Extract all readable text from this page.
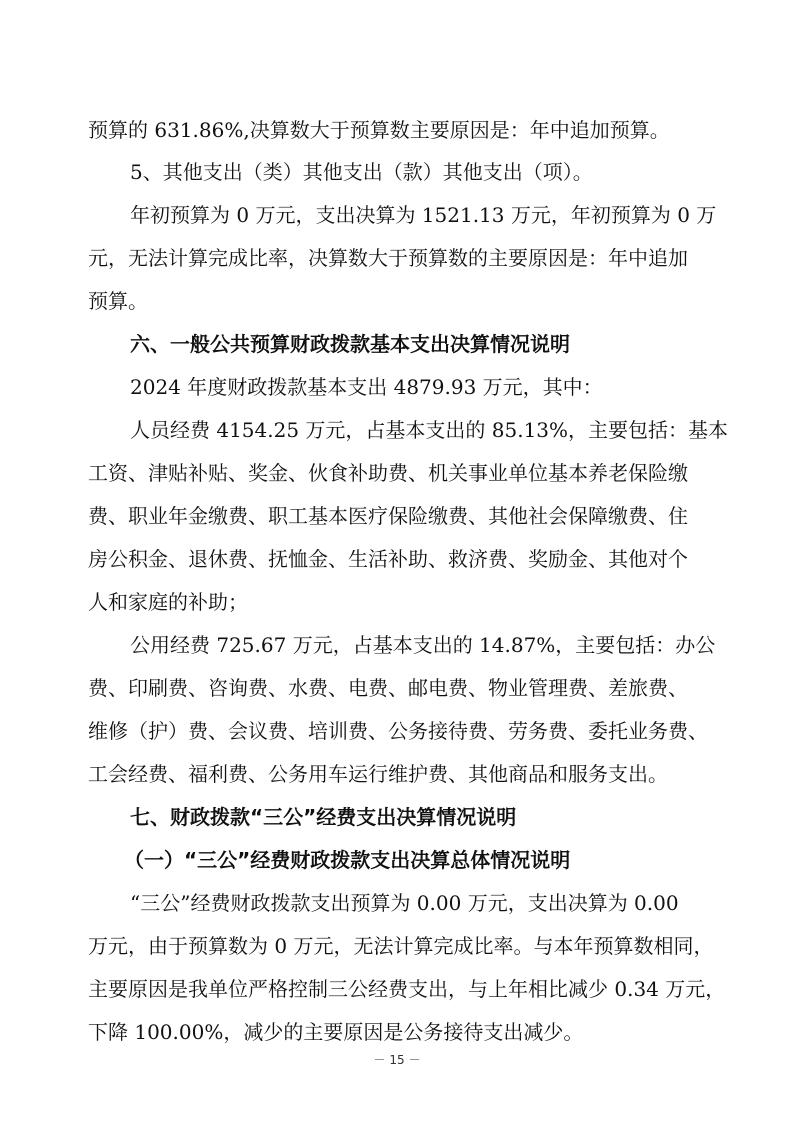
预算的 631.86%,决算数大于预算数主要原因是：年中追加预算。
5、其他支出（类）其他支出（款）其他支出（项）。
年初预算为 0 万元，支出决算为 1521.13 万元，年初预算为 0 万
元，无法计算完成比率，决算数大于预算数的主要原因是：年中追加
预算。
六、一般公共预算财政拨款基本支出决算情况说明
2024 年度财政拨款基本支出 4879.93 万元，其中：
人员经费 4154.25 万元，占基本支出的 85.13%，主要包括：基本
工资、津贴补贴、奖金、伙食补助费、机关事业单位基本养老保险缴
费、职业年金缴费、职工基本医疗保险缴费、其他社会保障缴费、住
房公积金、退休费、抚恤金、生活补助、救济费、奖励金、其他对个
人和家庭的补助；
公用经费 725.67 万元，占基本支出的 14.87%，主要包括：办公
费、印刷费、咨询费、水费、电费、邮电费、物业管理费、差旅费、
维修（护）费、会议费、培训费、公务接待费、劳务费、委托业务费、
工会经费、福利费、公务用车运行维护费、其他商品和服务支出。
七、财政拨款“三公”经费支出决算情况说明
（一）“三公”经费财政拨款支出决算总体情况说明
“三公”经费财政拨款支出预算为 0.00 万元，支出决算为 0.00
万元，由于预算数为 0 万元，无法计算完成比率。与本年预算数相同，
主要原因是我单位严格控制三公经费支出，与上年相比减少 0.34 万元，
下降 100.00%，减少的主要原因是公务接待支出减少。
－ 15 －
